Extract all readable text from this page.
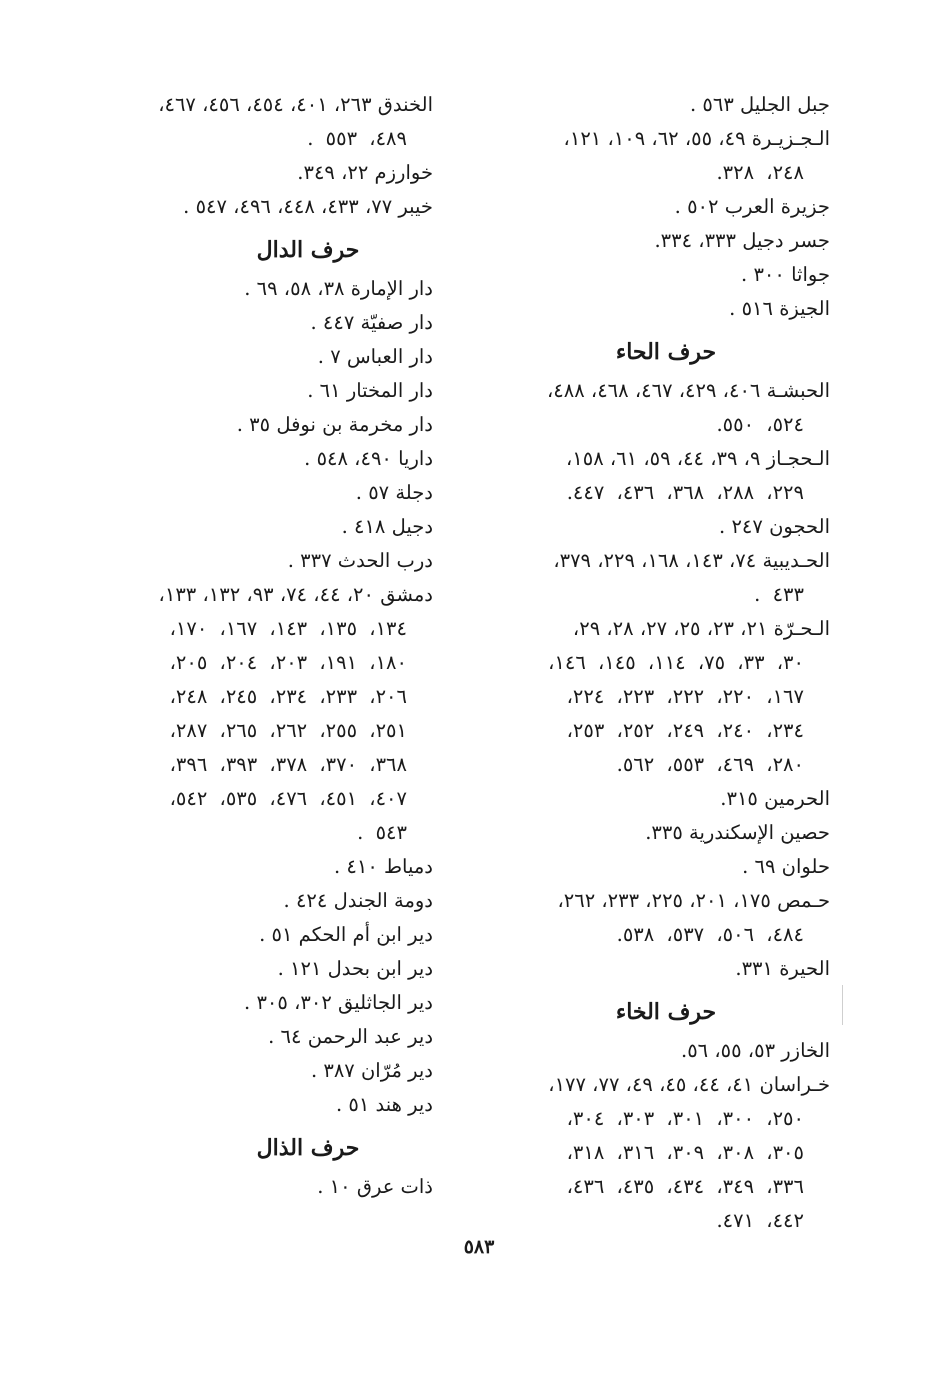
جبل الجليل ٥٦٣ .
الـجـزيـرة ٤٩، ٥٥، ٦٢، ١٠٩، ١٢١،
٢٤٨، ٣٢٨.
جزيرة العرب ٥٠٢ .
جسر دجيل ٣٣٣، ٣٣٤.
جواثا ٣٠٠ .
الجيزة ٥١٦ .
حرف الحاء
الحبشـة ٤٠٦، ٤٢٩، ٤٦٧، ٤٦٨، ٤٨٨،
٥٢٤، ٥٥٠.
الـحجـاز ٩، ٣٩، ٤٤، ٥٩، ٦١، ١٥٨،
٢٢٩، ٢٨٨، ٣٦٨، ٤٣٦، ٤٤٧.
الحجون ٢٤٧ .
الحـديبية ٧٤، ١٤٣، ١٦٨، ٢٢٩، ٣٧٩،
٤٣٣ .
الـحـرّة ٢١، ٢٣، ٢٥، ٢٧، ٢٨، ٢٩،
٣٠، ٣٣، ٧٥، ١١٤، ١٤٥، ١٤٦،
١٦٧، ٢٢٠، ٢٢٢، ٢٢٣، ٢٢٤،
٢٣٤، ٢٤٠، ٢٤٩، ٢٥٢، ٢٥٣،
٢٨٠، ٤٦٩، ٥٥٣، ٥٦٢.
الحرمين ٣١٥.
حصين الإسكندرية ٣٣٥.
حلوان ٦٩ .
حـمص ١٧٥، ٢٠١، ٢٢٥، ٢٣٣، ٢٦٢،
٤٨٤، ٥٠٦، ٥٣٧، ٥٣٨.
الحيرة ٣٣١.
حرف الخاء
الخازر ٥٣، ٥٥، ٥٦.
خـراسان ٤١، ٤٤، ٤٥، ٤٩، ٧٧، ١٧٧،
٢٥٠، ٣٠٠، ٣٠١، ٣٠٣، ٣٠٤،
٣٠٥، ٣٠٨، ٣٠٩، ٣١٦، ٣١٨،
٣٣٦، ٣٤٩، ٤٣٤، ٤٣٥، ٤٣٦،
٤٤٢، ٤٧١.
الخندق ٢٦٣، ٤٠١، ٤٥٤، ٤٥٦، ٤٦٧،
٤٨٩، ٥٥٣ .
خوارزم ٢٢، ٣٤٩.
خيبر ٧٧، ٤٣٣، ٤٤٨، ٤٩٦، ٥٤٧ .
حرف الدال
دار الإمارة ٣٨، ٥٨، ٦٩ .
دار صفيّة ٤٤٧ .
دار العباس ٧ .
دار المختار ٦١ .
دار مخرمة بن نوفل ٣٥ .
داريا ٤٩٠، ٥٤٨ .
دجلة ٥٧ .
دجيل ٤١٨ .
درب الحدث ٣٣٧ .
دمشق ٢٠، ٤٤، ٧٤، ٩٣، ١٣٢، ١٣٣،
١٣٤، ١٣٥، ١٤٣، ١٦٧، ١٧٠،
١٨٠، ١٩١، ٢٠٣، ٢٠٤، ٢٠٥،
٢٠٦، ٢٣٣، ٢٣٤، ٢٤٥، ٢٤٨،
٢٥١، ٢٥٥، ٢٦٢، ٢٦٥، ٢٨٧،
٣٦٨، ٣٧٠، ٣٧٨، ٣٩٣، ٣٩٦،
٤٠٧، ٤٥١، ٤٧٦، ٥٣٥، ٥٤٢،
٥٤٣ .
دمياط ٤١٠ .
دومة الجندل ٤٢٤ .
دير ابن أم الحكم ٥١ .
دير ابن بحدل ١٢١ .
دير الجاثليق ٣٠٢، ٣٠٥ .
دير عبد الرحمن ٦٤ .
دير مُرّان ٣٨٧ .
دير هند ٥١ .
حرف الذال
ذات عرق ١٠ .
٥٨٣
